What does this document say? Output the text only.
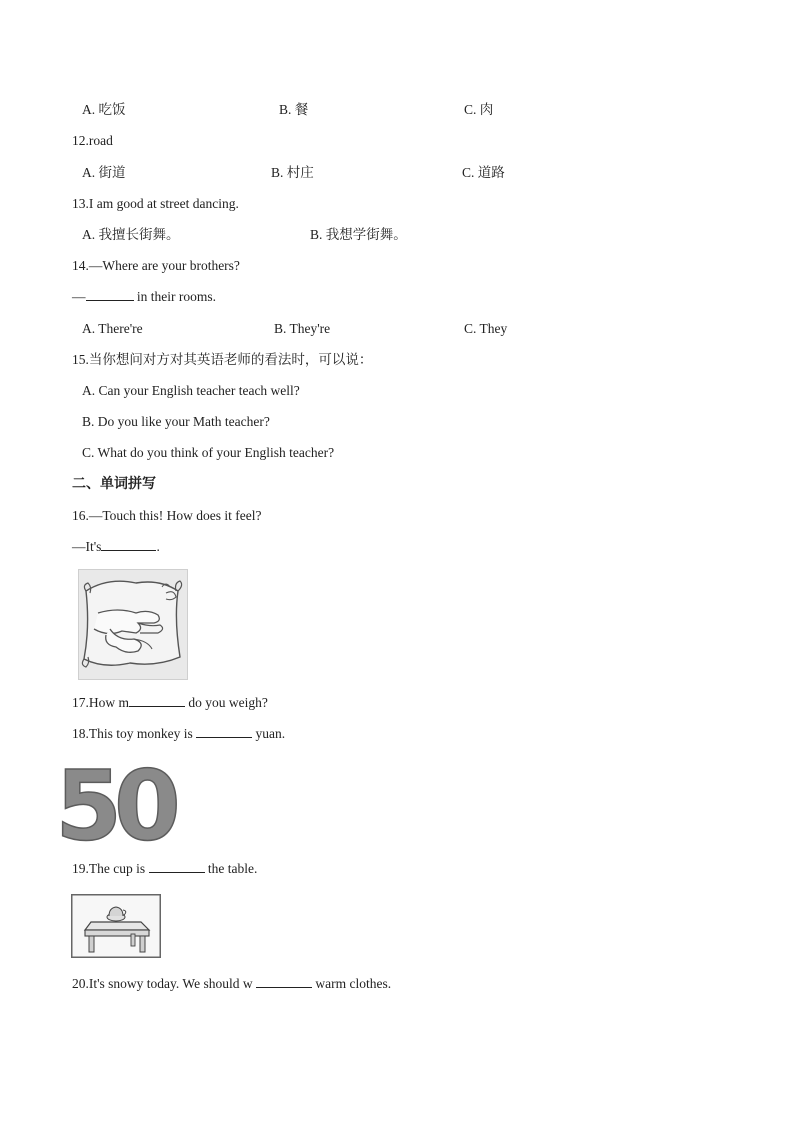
A. 吃饭	B. 餐	C. 肉
12.road
A. 街道	B. 村庄	C. 道路
13.I am good at street dancing.
A. 我擅长街舞。	B. 我想学街舞。
14.—Where are your brothers?
—	in their rooms.
A. There're	B. They're	C. They
15.当你想问对方对其英语老师的看法时，可以说：
A. Can your English teacher teach well?
B. Do you like your Math teacher?
C. What do you think of your English teacher?
二、单词拼写
16.—Touch this! How does it feel?
—It's	.
17.How m	do you weigh?
18.This toy monkey is	yuan.
50
19.The cup is	the table.
20.It's snowy today. We should w	warm clothes.
